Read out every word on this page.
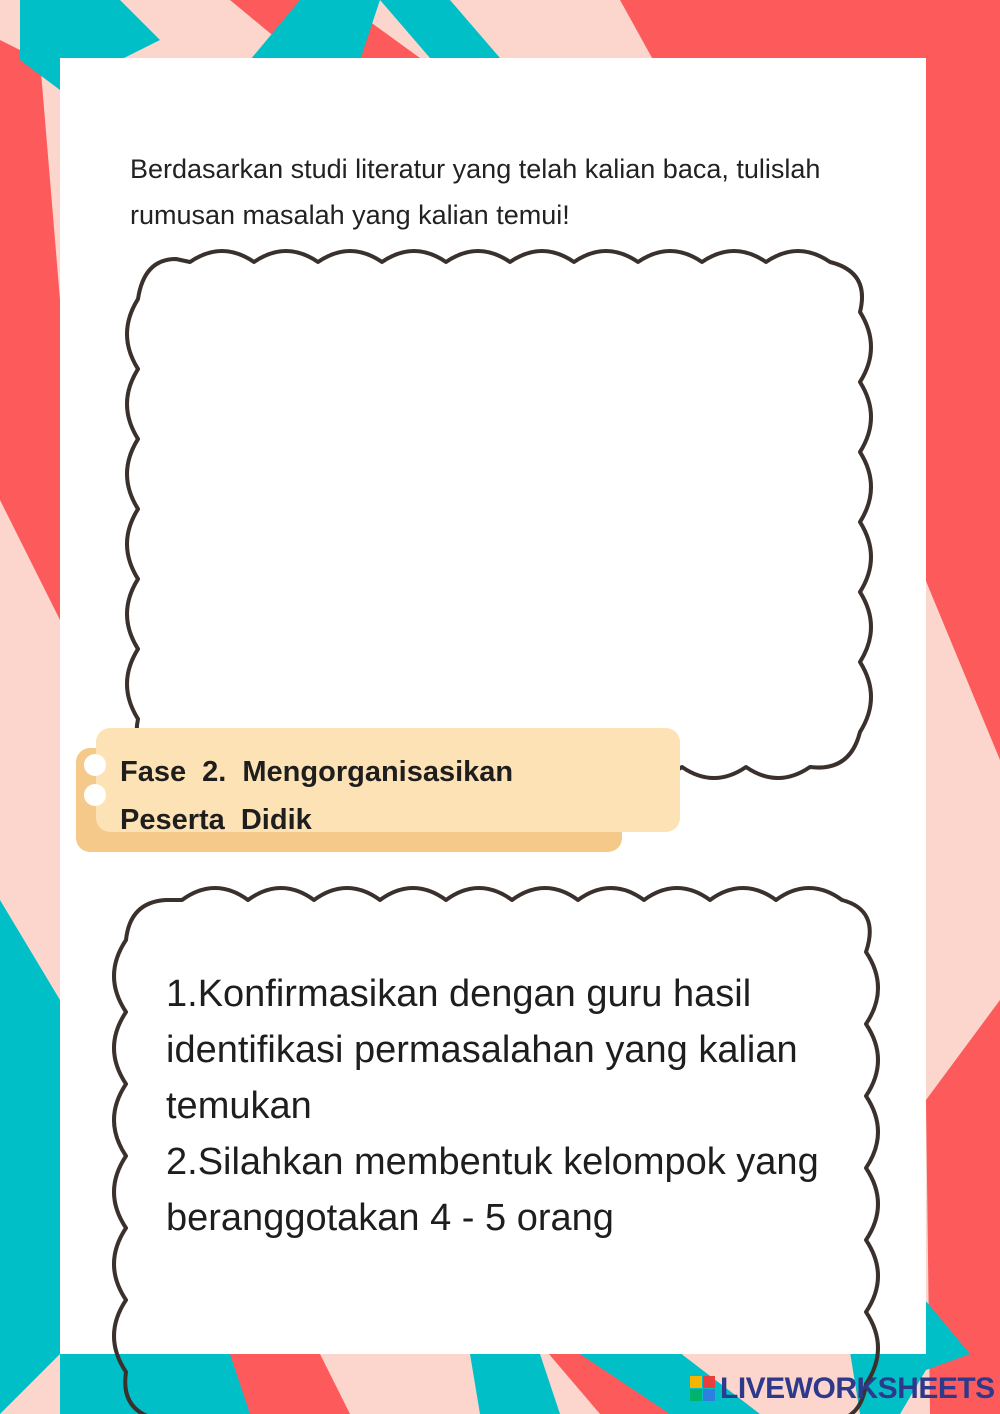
Berdasarkan studi literatur yang telah kalian baca, tulislah rumusan masalah yang kalian temui!

Fase 2. Mengorganisasikan Peserta Didik

1.Konfirmasikan dengan guru hasil identifikasi permasalahan yang kalian temukan

2.Silahkan membentuk kelompok yang beranggotakan 4 - 5 orang

LIVEWORKSHEETS
